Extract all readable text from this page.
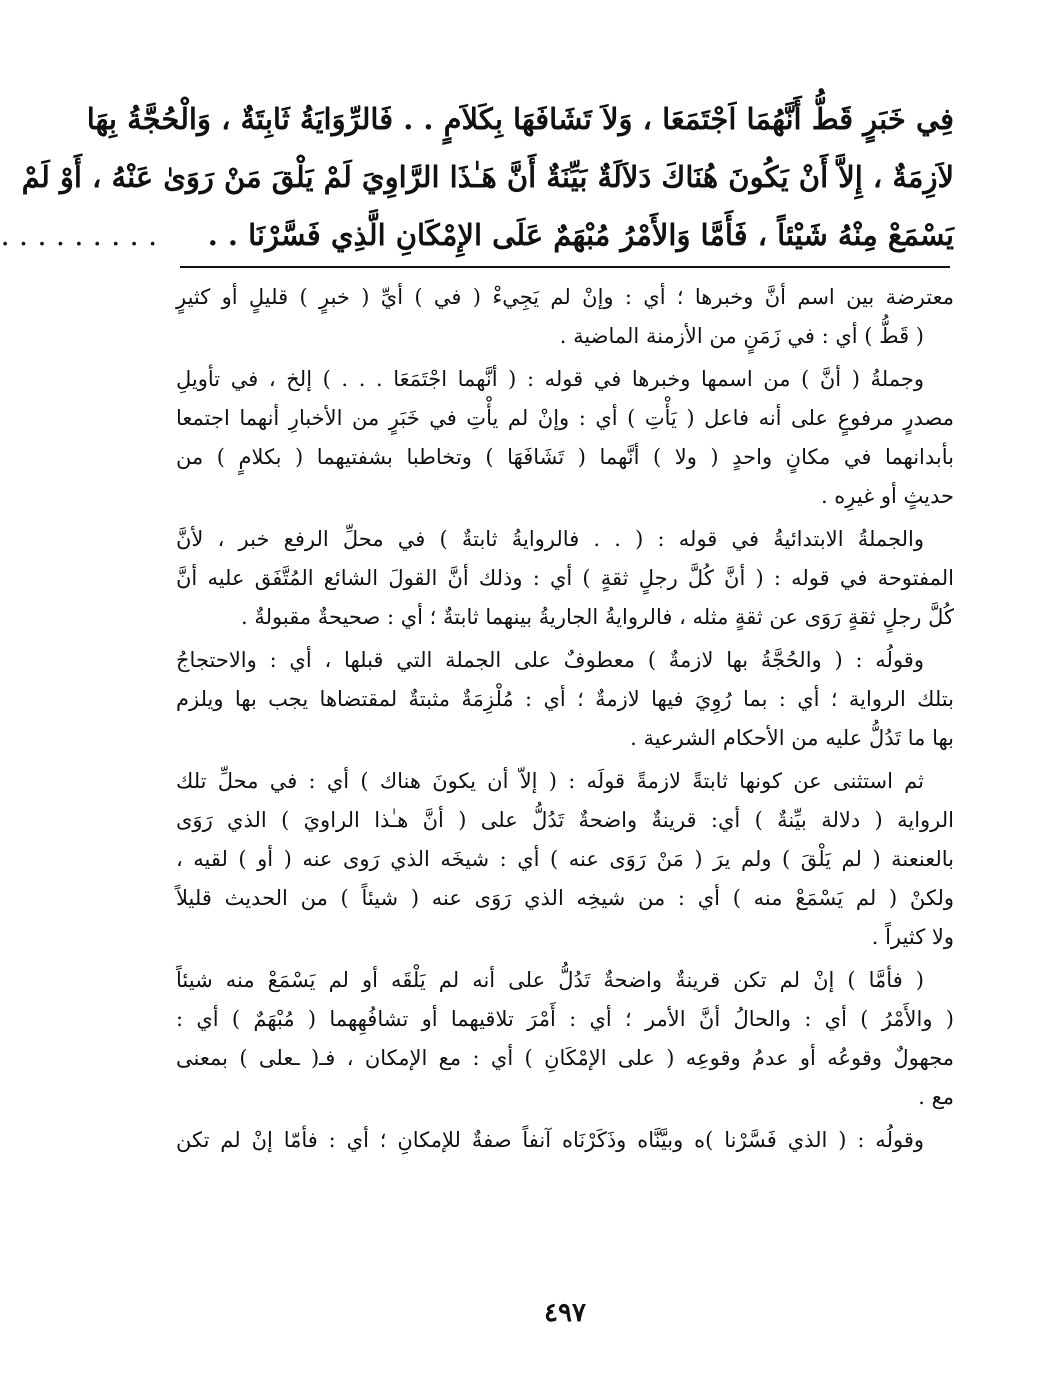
فِي خَبَرٍ قَطُّ أَنَّهُمَا اَجْتَمَعَا ، وَلاَ تَشَافَهَا بِكَلاَمٍ . . فَالرِّوَايَةُ ثَابِتَةٌ ، وَالْحُجَّةُ بِهَا
لاَزِمَةٌ ، إِلاَّ أَنْ يَكُونَ هُنَاكَ دَلاَلَةٌ بَيِّنَةٌ أَنَّ هَـٰذَا الرَّاوِيَ لَمْ يَلْقَ مَنْ رَوَىٰ عَنْهُ ، أَوْ لَمْ
يَسْمَعْ مِنْهُ شَيْئاً ، فَأَمَّا وَالأَمْرُ مُبْهَمٌ عَلَى الإِمْكَانِ الَّذِي فَسَّرْنَا . .     . . . . . . . . .

معترضة بين اسم أنَّ وخبرها ؛ أي : وإنْ لم يَجِيءْ ( في ) أيِّ ( خبرٍ ) قليلٍ أو كثيرٍ
( قَطُّ ) أي : في زَمَنٍ من الأزمنة الماضية .

وجملةُ ( أنَّ ) من اسمها وخبرها في قوله : ( أنَّهما اجْتَمَعَا . . . ) إلخ ، في تأويلِ
مصدرٍ مرفوعٍ على أنه فاعل ( يَأْتِ ) أي : وإنْ لم يأْتِ في خَبَرٍ من الأخبارِ أنهما اجتمعا
بأبدانهما في مكانٍ واحدٍ ( ولا ) أنَّهما ( تَشَافَهَا ) وتخاطبا بشفتيهما ( بكلامٍ ) من
حديثٍ أو غيرِه .

والجملةُ الابتدائيةُ في قوله : ( . . فالروايةُ ثابتةٌ ) في محلِّ الرفع خبر ، لأنَّ
المفتوحة في قوله : ( أنَّ كُلَّ رجلٍ ثقةٍ ) أي : وذلك أنَّ القولَ الشائع المُتَّفَق عليه أنَّ
كُلَّ رجلٍ ثقةٍ رَوَى عن ثقةٍ مثله ، فالروايةُ الجاريةُ بينهما ثابتةٌ ؛ أي : صحيحةٌ مقبولةٌ .

وقولُه : ( والحُجَّةُ بها لازمةٌ ) معطوفٌ على الجملة التي قبلها ، أي : والاحتجاجُ
بتلك الرواية ؛ أي : بما رُوِيَ فيها لازمةٌ ؛ أي : مُلْزِمَةٌ مثبتةٌ لمقتضاها يجب بها ويلزم
بها ما تَدُلُّ عليه من الأحكام الشرعية .

ثم استثنى عن كونها ثابتةً لازمةً قولَه : ( إلاّ أن يكونَ هناك ) أي : في محلِّ تلك
الرواية ( دلالة بيِّنةٌ ) أي: قرينةٌ واضحةٌ تَدُلُّ على ( أنَّ هـٰذا الراويَ ) الذي رَوَى
بالعنعنة ( لم يَلْقَ ) ولم يرَ ( مَنْ رَوَى عنه ) أي : شيخَه الذي رَوى عنه ( أو ) لقيه ،
ولكنْ ( لم يَسْمَعْ منه ) أي : من شيخِه الذي رَوَى عنه ( شيئاً ) من الحديث قليلاً
ولا كثيراً .

( فأمَّا ) إنْ لم تكن قرينةٌ واضحةٌ تَدُلُّ على أنه لم يَلْقَه أو لم يَسْمَعْ منه شيئاً
( والأَمْرُ ) أي : والحالُ أنَّ الأمر ؛ أي : أَمْرَ تلاقيهما أو تشافُهِهما ( مُبْهَمٌ ) أي :
مجهولٌ وقوعُه أو عدمُ وقوعِه ( على الإمْكَانِ ) أي : مع الإمكان ، فـ( ـعلى ) بمعنى
مع .

وقولُه : ( الذي فَسَّرْنا )ه وبيَّنَّاه وذَكَرْنَاه آنفاً صفةٌ للإمكانِ ؛ أي : فأمّا إنْ لم تكن

٤٩٧
